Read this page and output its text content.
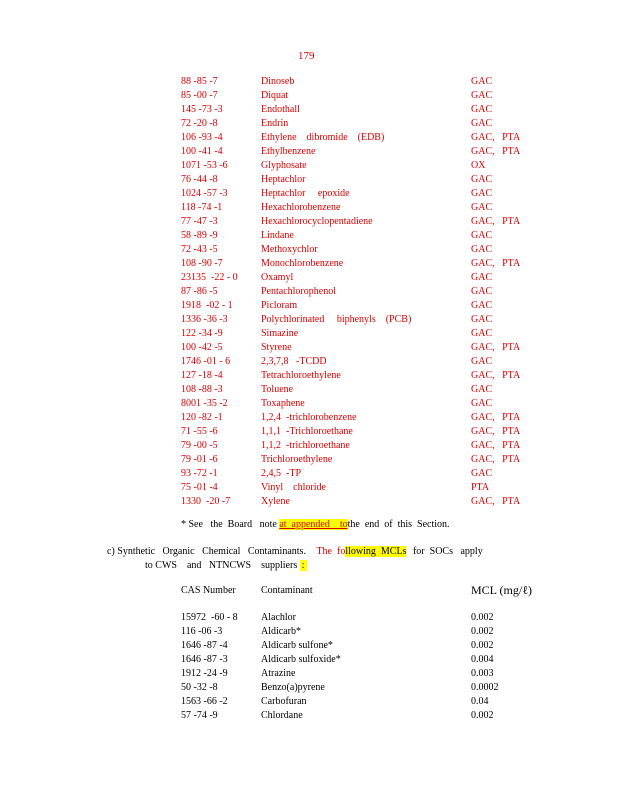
179
88 -85 -7	Dinoseb	GAC
85 -00 -7	Diquat	GAC
145 -73 -3	Endothall	GAC
72 -20 -8	Endrin	GAC
106 -93 -4	Ethylene    dibromide    (EDB)	GAC,   PTA
100 -41 -4	Ethylbenzene	GAC,   PTA
1071 -53 -6	Glyphosate	OX
76 -44 -8	Heptachlor	GAC
1024 -57 -3	Heptachlor     epoxide	GAC
118 -74 -1	Hexachlorobenzene	GAC
77 -47 -3	Hexachlorocyclopentadiene	GAC,   PTA
58 -89 -9	Lindane	GAC
72 -43 -5	Methoxychlor	GAC
108 -90 -7	Monochlorobenzene	GAC,   PTA
23135  -22 - 0 Oxamyl	GAC
87 -86 -5	Pentachlorophenol	GAC
1918  -02 - 1	Picloram	GAC
1336 -36 -3	Polychlorinated     biphenyls    (PCB)	GAC
122 -34 -9	Simazine	GAC
100 -42 -5	Styrene	GAC,   PTA
1746 -01 - 6	2,3,7,8   -TCDD	GAC
127 -18 -4	Tetrachloroethylene	GAC,   PTA
108 -88 -3	Toluene	GAC
8001 -35 -2	Toxaphene	GAC
120 -82 -1	1,2,4  -trichlorobenzene	GAC,   PTA
71 -55 -6	1,1,1  -Trichloroethane	GAC,   PTA
79 -00 -5	1,1,2  -trichloroethane	GAC,   PTA
79 -01 -6	Trichloroethylene	GAC,   PTA
93 -72 -1	2,4,5  -TP	GAC
75 -01 -4	Vinyl    chloride	PTA
1330  -20 -7	Xylene	GAC,   PTA
* See   the  Board   note at  appended    tothe  end  of  this  Section.
c) Synthetic   Organic   Chemical   Contaminants. The  following  MCLs for  SOCs   apply
to CWS    and   NTNCWS    suppliers :
CAS Number	Contaminant	MCL (mg/ℓ)
15972  -60 - 8 Alachlor	0.002
116 -06 -3	Aldicarb*	0.002
1646 -87 -4	Aldicarb sulfone*	0.002
1646 -87 -3	Aldicarb sulfoxide*	0.004
1912 -24 -9	Atrazine	0.003
50 -32 -8	Benzo(a)pyrene	0.0002
1563 -66 -2	Carbofuran	0.04
57 -74 -9	Chlordane	0.002
